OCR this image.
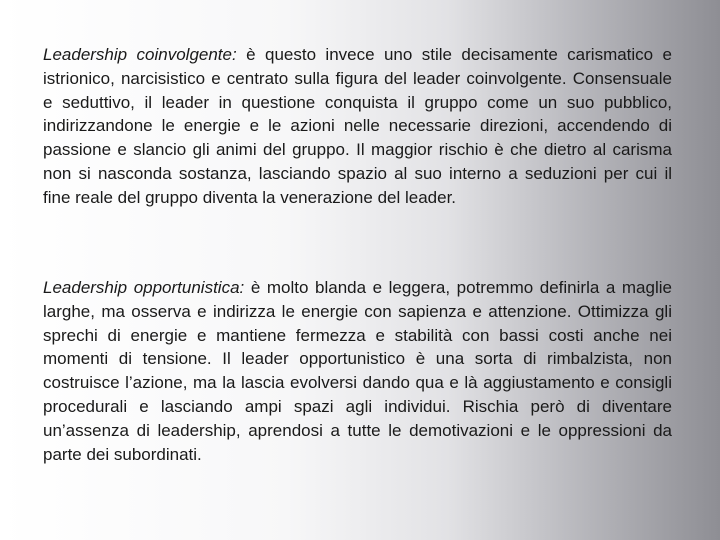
Leadership coinvolgente: è questo invece uno stile decisamente carismatico e istrionico, narcisistico e centrato sulla figura del leader coinvolgente. Consensuale e seduttivo, il leader in questione conquista il gruppo come un suo pubblico, indirizzandone le energie e le azioni nelle necessarie direzioni, accendendo di passione e slancio gli animi del gruppo. Il maggior rischio è che dietro al carisma non si nasconda sostanza, lasciando spazio al suo interno a seduzioni per cui il fine reale del gruppo diventa la venerazione del leader.

Leadership opportunistica: è molto blanda e leggera, potremmo definirla a maglie larghe, ma osserva e indirizza le energie con sapienza e attenzione. Ottimizza gli sprechi di energie e mantiene fermezza e stabilità con bassi costi anche nei momenti di tensione. Il leader opportunistico è una sorta di rimbalzista, non costruisce l’azione, ma la lascia evolversi dando qua e là aggiustamento e consigli procedurali e lasciando ampi spazi agli individui. Rischia però di diventare un’assenza di leadership, aprendosi a tutte le demotivazioni e le oppressioni da parte dei subordinati.
